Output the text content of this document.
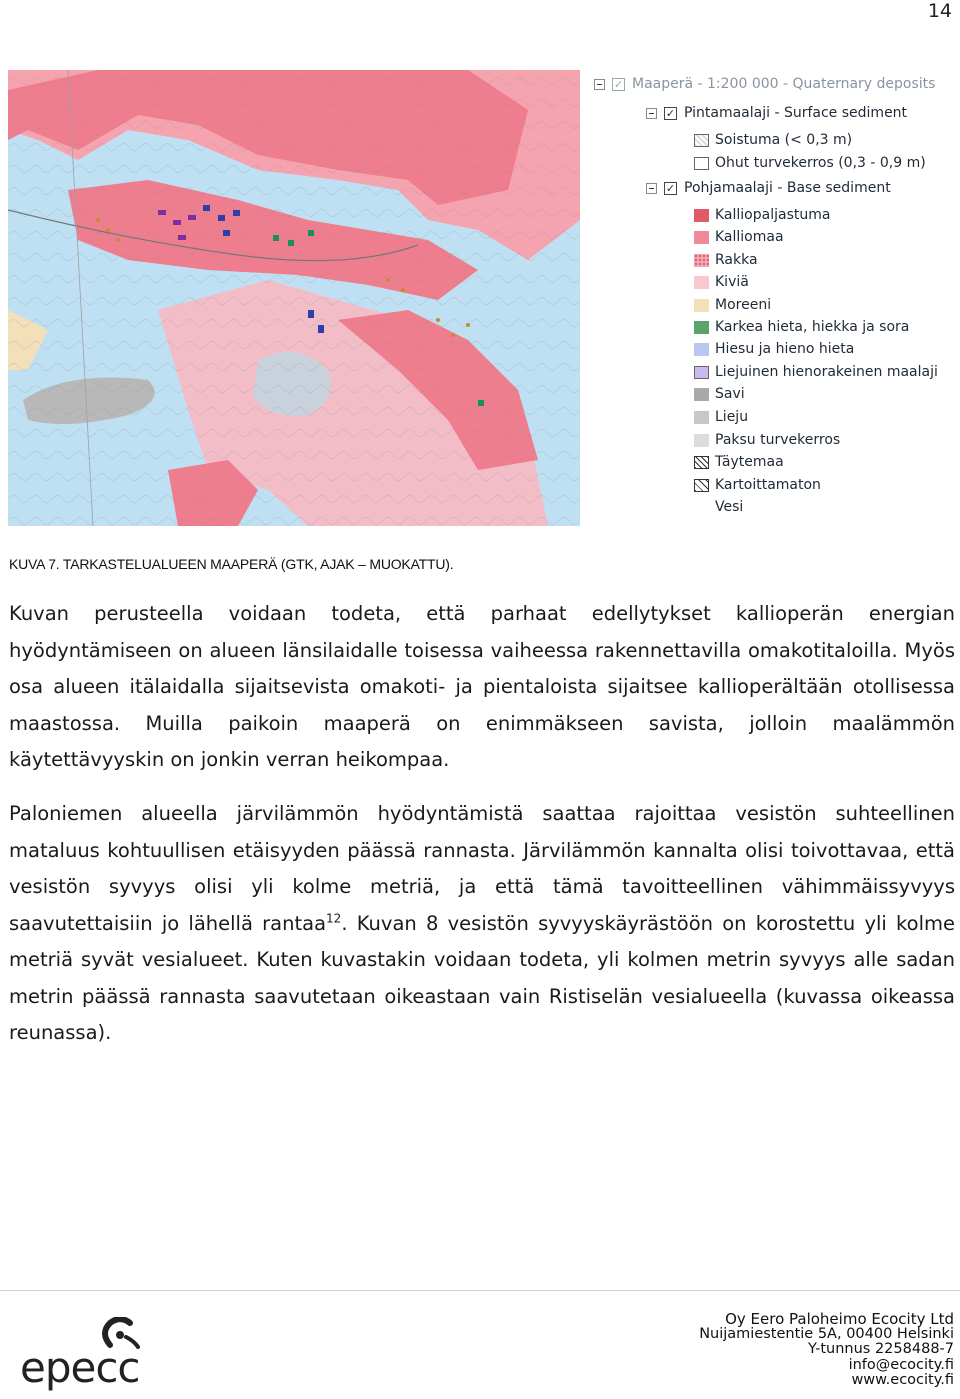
14
✓ Maaperä - 1:200 000 - Quaternary deposits
✓ Pintamaalaji - Surface sediment
Soistuma (< 0,3 m)
Ohut turvekerros (0,3 - 0,9 m)
✓ Pohjamaalaji - Base sediment
Kalliopaljastuma
Kalliomaa
Rakka
Kiviä
Moreeni
Karkea hieta, hiekka ja sora
Hiesu ja hieno hieta
Liejuinen hienorakeinen maalaji
Savi
Lieju
Paksu turvekerros
Täytemaa
Kartoittamaton
Vesi
KUVA 7. TARKASTELUALUEEN MAAPERÄ (GTK, AJAK – MUOKATTU).

Kuvan perusteella voidaan todeta, että parhaat edellytykset kallioperän energian hyödyntämiseen on alueen länsilaidalle toisessa vaiheessa rakennettavilla omakotitaloilla. Myös osa alueen itälaidalla sijaitsevista omakoti- ja pientaloista sijaitsee kallioperältään otollisessa maastossa. Muilla paikoin maaperä on enimmäkseen savista, jolloin maalämmön käytettävyyskin on jonkin verran heikompaa.

Paloniemen alueella järvilämmön hyödyntämistä saattaa rajoittaa vesistön suhteellinen mataluus kohtuullisen etäisyyden päässä rannasta. Järvilämmön kannalta olisi toivottavaa, että vesistön syvyys olisi yli kolme metriä, ja että tämä tavoitteellinen vähimmäissyvyys saavutettaisiin jo lähellä rantaa$^{12}$. Kuvan 8 vesistön syvyyskäyrästöön on korostettu yli kolme metriä syvät vesialueet. Kuten kuvastakin voidaan todeta, yli kolmen metrin syvyys alle sadan metrin päässä rannasta saavutetaan oikeastaan vain Ristiselän vesialueella (kuvassa oikeassa reunassa).

epecc
Oy Eero Paloheimo Ecocity Ltd
Nuijamiestentie 5A, 00400 Helsinki
Y-tunnus 2258488-7
info@ecocity.fi
www.ecocity.fi
